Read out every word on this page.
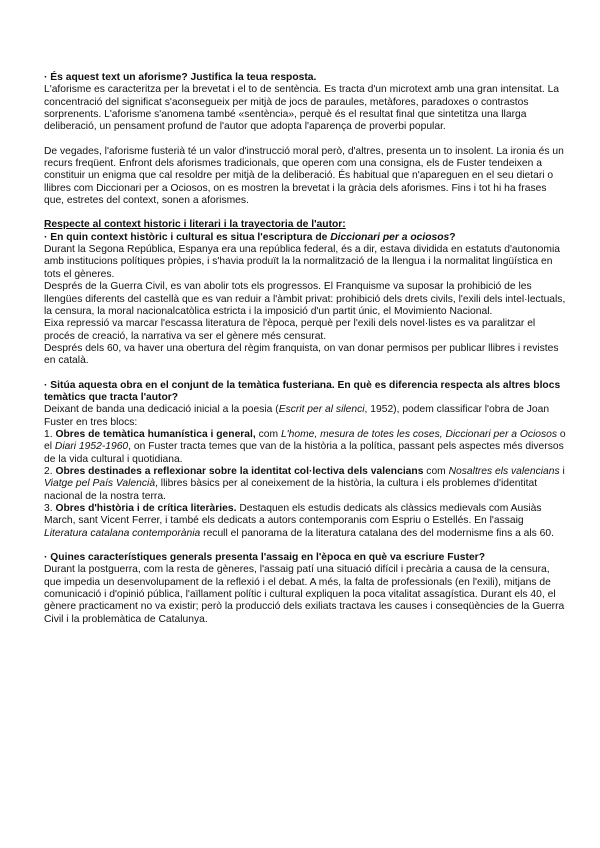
· És aquest text un aforisme? Justifica la teua resposta.

L'aforisme es caracteritza per la brevetat i el to de sentència. Es tracta d'un microtext amb una gran intensitat. La concentració del significat s'aconsegueix per mitjà de jocs de paraules, metàfores, paradoxes o contrastos sorprenents. L'aforisme s'anomena també «sentència», perquè és el resultat final que sintetitza una llarga deliberació, un pensament profund de l'autor que adopta l'aparença de proverbi popular.

De vegades, l'aforisme fusterià té un valor d'instrucció moral però, d'altres, presenta un to insolent. La ironia és un recurs freqüent. Enfront dels aforismes tradicionals, que operen com una consigna, els de Fuster tendeixen a constituir un enigma que cal resoldre per mitjà de la deliberació. És habitual que n'apareguen en el seu dietari o llibres com Diccionari per a Ociosos, on es mostren la brevetat i la gràcia dels aforismes. Fins i tot hi ha frases que, estretes del context, sonen a aforismes.

Respecte al context historic i literari i la trayectoria de l'autor:

· En quin context històric i cultural es situa l'escriptura de Diccionari per a ociosos?

Durant la Segona República, Espanya era una república federal, és a dir, estava dividida en estatuts d'autonomia amb institucions polítiques pròpies, i s'havia produït la la normalització de la llengua i la normalitat lingüística en tots el gèneres.

Després de la Guerra Civil, es van abolir tots els progressos. El Franquisme va suposar la prohibició de les llengües diferents del castellà que es van reduir a l'àmbit privat: prohibició dels drets civils, l'exili dels intel·lectuals, la censura, la moral nacionalcatòlica estricta i la imposició d'un partit únic, el Movimiento Nacional.

Eixa repressió va marcar l'escassa literatura de l'època, perquè per l'exili dels novel·listes es va paralitzar el procés de creació, la narrativa va ser el gènere més censurat.

Després dels 60, va haver una obertura del règim franquista, on van donar permisos per publicar llibres i revistes en català.

· Sitúa aquesta obra en el conjunt de la temàtica fusteriana. En què es diferencia respecta als altres blocs temàtics que tracta l'autor?

Deixant de banda una dedicació inicial a la poesia (Escrit per al silenci, 1952), podem classificar l'obra de Joan Fuster en tres blocs:

1. Obres de temàtica humanística i general, com L'home, mesura de totes les coses, Diccionari per a Ociosos o el Diari 1952-1960, on Fuster tracta temes que van de la història a la política, passant pels aspectes més diversos de la vida cultural i quotidiana.

2. Obres destinades a reflexionar sobre la identitat col·lectiva dels valencians com Nosaltres els valencians i Viatge pel País Valencià, llibres bàsics per al coneixement de la història, la cultura i els problemes d'identitat nacional de la nostra terra.

3. Obres d'història i de crítica literàries. Destaquen els estudis dedicats als clàssics medievals com Ausiàs March, sant Vicent Ferrer, i també els dedicats a autors contemporanis com Espriu o Estellés. En l'assaig Literatura catalana contemporània recull el panorama de la literatura catalana des del modernisme fins a als 60.

· Quines característiques generals presenta l'assaig en l'època en què va escriure Fuster?

Durant la postguerra, com la resta de gèneres, l'assaig patí una situació difícil i precària a causa de la censura, que impedia un desenvolupament de la reflexió i el debat. A més, la falta de professionals (en l'exili), mitjans de comunicació i d'opinió pública, l'aïllament polític i cultural expliquen la poca vitalitat assagística. Durant els 40, el gènere practicament no va existir; però la producció dels exiliats tractava les causes i conseqüències de la Guerra Civil i la problemàtica de Catalunya.
